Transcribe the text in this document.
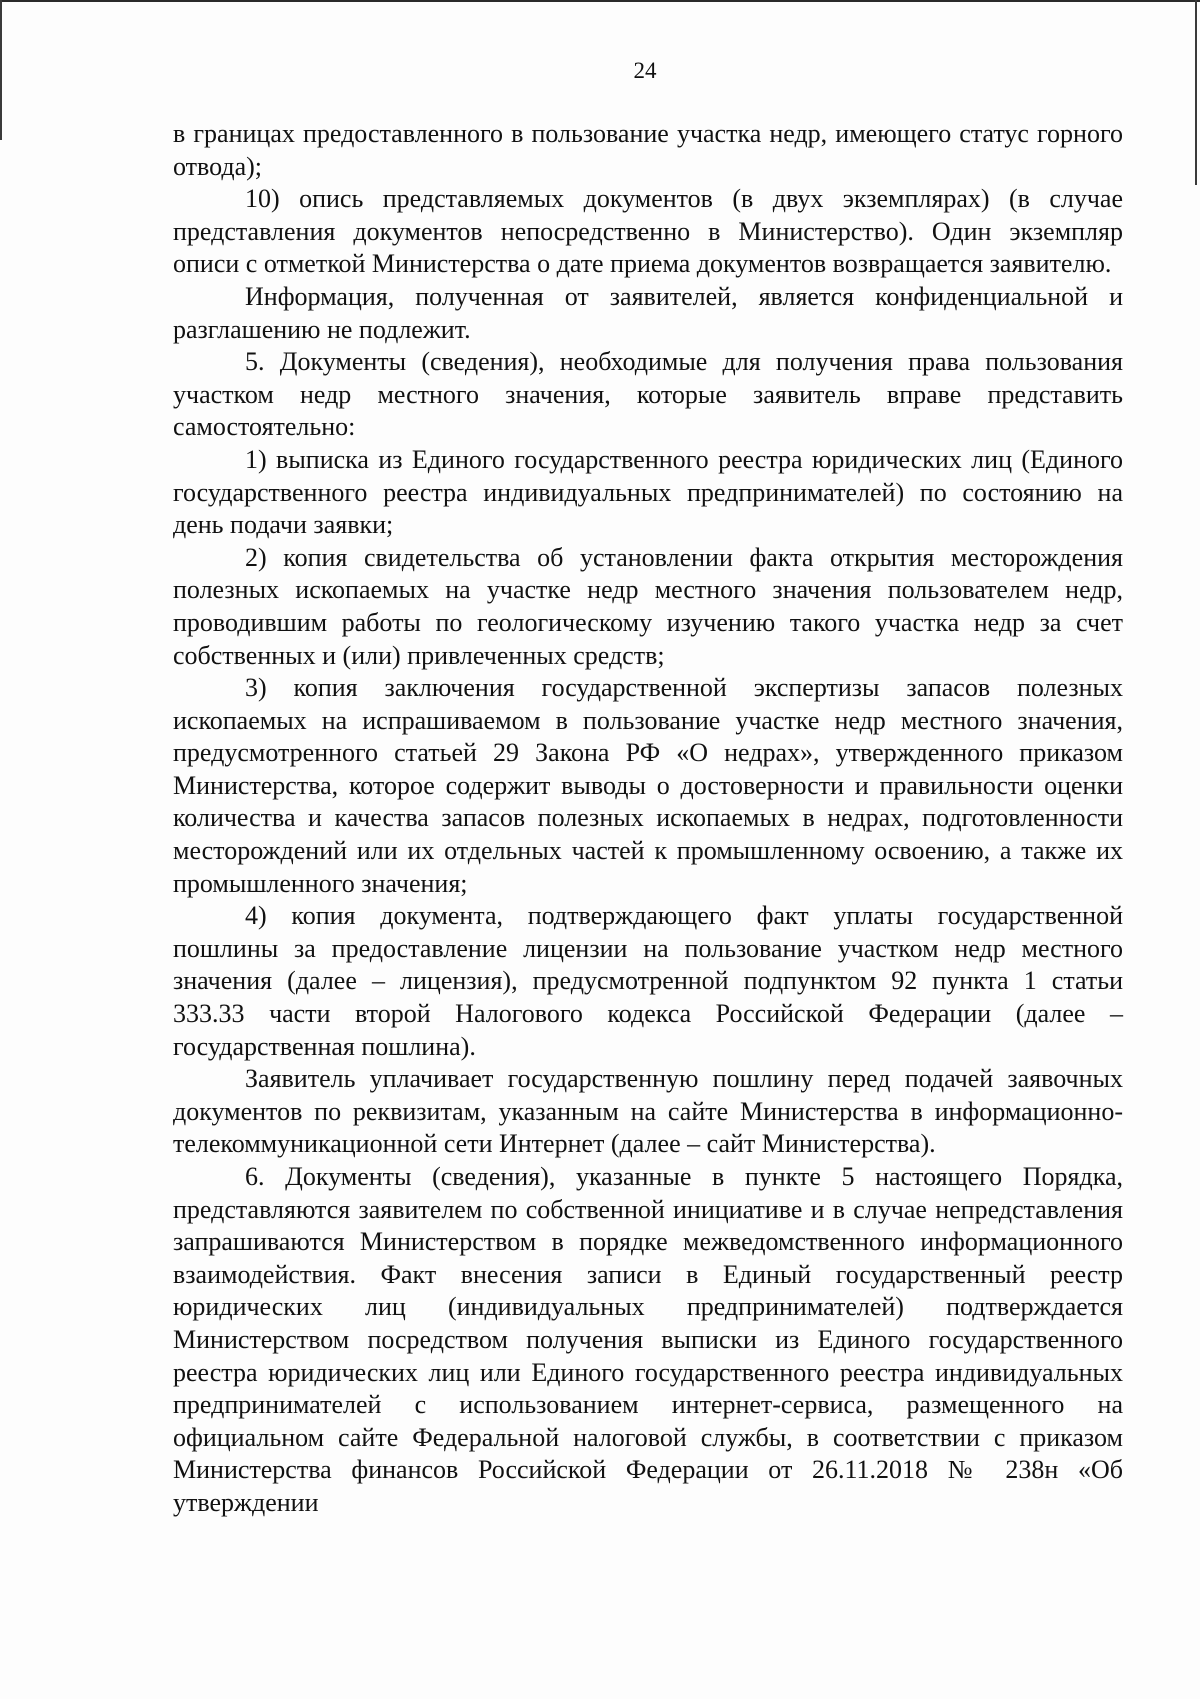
24

в границах предоставленного в пользование участка недр, имеющего статус горного отвода);

10) опись представляемых документов (в двух экземплярах) (в случае представления документов непосредственно в Министерство). Один экземпляр описи с отметкой Министерства о дате приема документов возвращается заявителю.

Информация, полученная от заявителей, является конфиденциальной и разглашению не подлежит.

5. Документы (сведения), необходимые для получения права пользования участком недр местного значения, которые заявитель вправе представить самостоятельно:

1) выписка из Единого государственного реестра юридических лиц (Единого государственного реестра индивидуальных предпринимателей) по состоянию на день подачи заявки;

2) копия свидетельства об установлении факта открытия месторождения полезных ископаемых на участке недр местного значения пользователем недр, проводившим работы по геологическому изучению такого участка недр за счет собственных и (или) привлеченных средств;

3) копия заключения государственной экспертизы запасов полезных ископаемых на испрашиваемом в пользование участке недр местного значения, предусмотренного статьей 29 Закона РФ «О недрах», утвержденного приказом Министерства, которое содержит выводы о достоверности и правильности оценки количества и качества запасов полезных ископаемых в недрах, подготовленности месторождений или их отдельных частей к промышленному освоению, а также их промышленного значения;

4) копия документа, подтверждающего факт уплаты государственной пошлины за предоставление лицензии на пользование участком недр местного значения (далее – лицензия), предусмотренной подпунктом 92 пункта 1 статьи 333.33 части второй Налогового кодекса Российской Федерации (далее – государственная пошлина).

Заявитель уплачивает государственную пошлину перед подачей заявочных документов по реквизитам, указанным на сайте Министерства в информационно-телекоммуникационной сети Интернет (далее – сайт Министерства).

6. Документы (сведения), указанные в пункте 5 настоящего Порядка, представляются заявителем по собственной инициативе и в случае непредставления запрашиваются Министерством в порядке межведомственного информационного взаимодействия. Факт внесения записи в Единый государственный реестр юридических лиц (индивидуальных предпринимателей) подтверждается Министерством посредством получения выписки из Единого государственного реестра юридических лиц или Единого государственного реестра индивидуальных предпринимателей с использованием интернет-сервиса, размещенного на официальном сайте Федеральной налоговой службы, в соответствии с приказом Министерства финансов Российской Федерации от 26.11.2018 № 238н «Об утверждении
